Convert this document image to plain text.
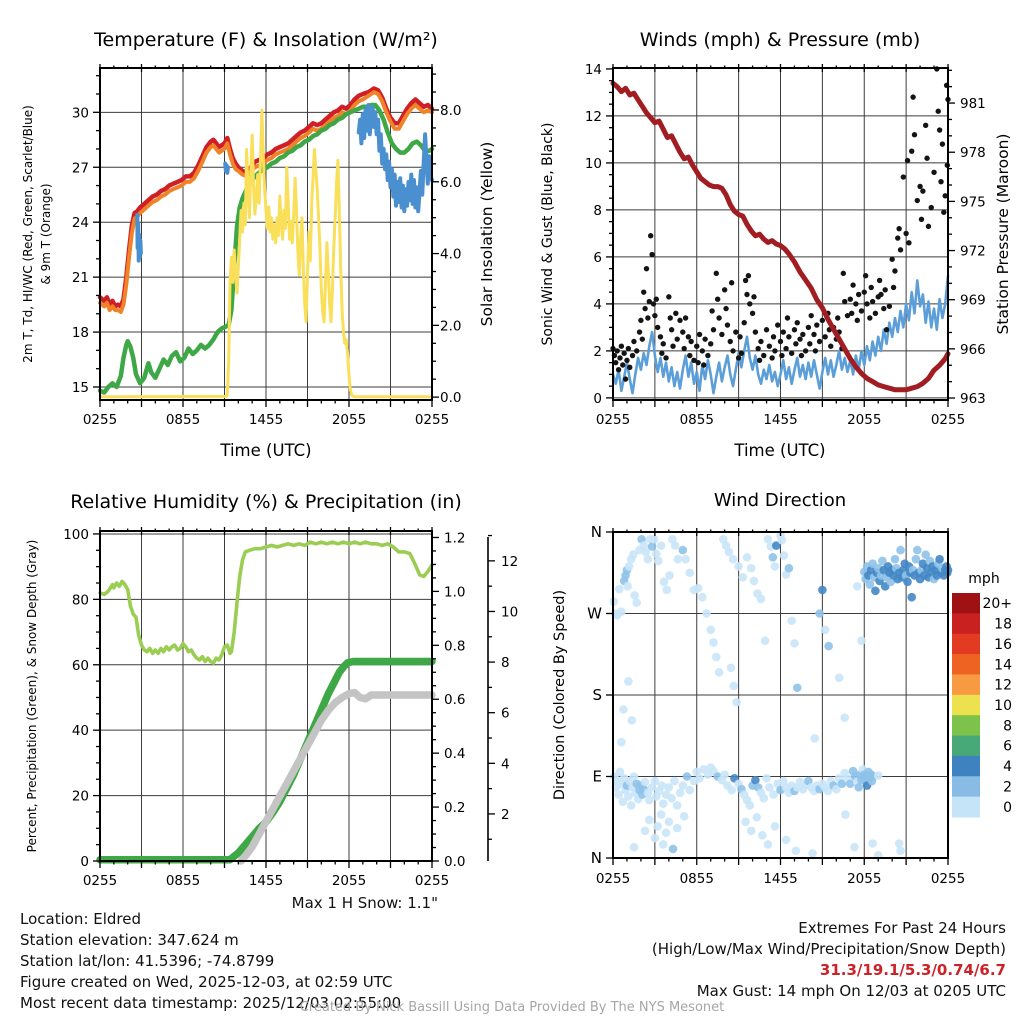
0255	0855	1455	2055	0255
15
18
21
24
27
30
0.0
2.0
4.0
6.0
8.0
Temperature (F) & Insolation (W/m²)
Time (UTC)
2m T, Td, HI/WC (Red, Green, Scarlet/Blue) & 9m T (Orange)	Solar Insolation (Yellow)
0255	0855	1455	2055	0255
0
2
4
6
8
10
12
14
963
966
969
972
975
978
981
Winds (mph) & Pressure (mb)
Time (UTC)
Sonic Wind & Gust (Blue, Black)	Station Pressure (Maroon)
0255	0855	1455	2055	0255
0
20
40
60
80
100
0.0
0.2
0.4
0.6
0.8
1.0
1.2
2
4
6
8
10
12
Relative Humidity (%) & Precipitation (in)
Percent, Precipitation (Green), & Snow Depth (Gray)
0255	0855	1455	2055	0255
N
E
S
W
N
Wind Direction
Direction (Colored By Speed)	20+
18
16
14
12
10
8
6
4
2
0
mph
Max 1 H Snow: 1.1"
Location: Eldred
Station elevation: 347.624 m
Station lat/lon: 41.5396; -74.8799
Figure created on Wed, 2025-12-03, at 02:59 UTC
Most recent data timestamp: 2025/12/03 02:55:00
Extremes For Past 24 Hours
(High/Low/Max Wind/Precipitation/Snow Depth)
31.3/19.1/5.3/0.74/6.7
Max Gust: 14 mph On 12/03 at 0205 UTC
Created By Nick Bassill Using Data Provided By The NYS Mesonet
